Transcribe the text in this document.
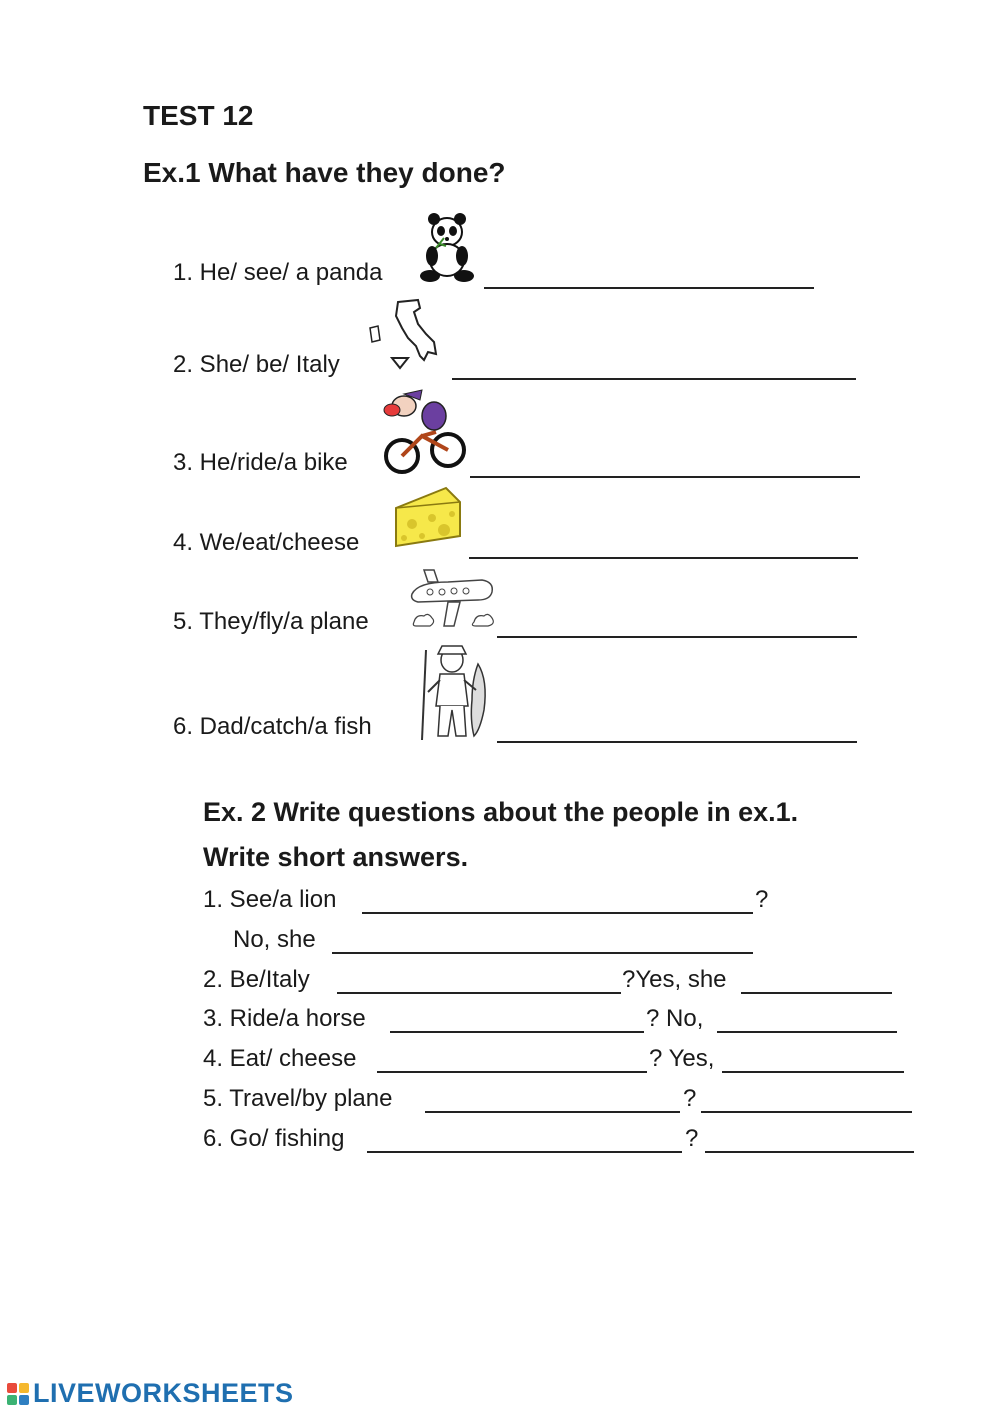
TEST 12
Ex.1 What have they done?
1. He/ see/ a panda
2. She/ be/ Italy
3. He/ride/a bike
4. We/eat/cheese
5. They/fly/a plane
6. Dad/catch/a fish
Ex. 2 Write questions about the people in ex.1.
Write short answers.
1. See/a lion	?
No, she
2. Be/Italy	?Yes, she
3. Ride/a horse	? No,
4. Eat/ cheese	? Yes,
5. Travel/by plane	?
6. Go/ fishing	?
LIVEWORKSHEETS
